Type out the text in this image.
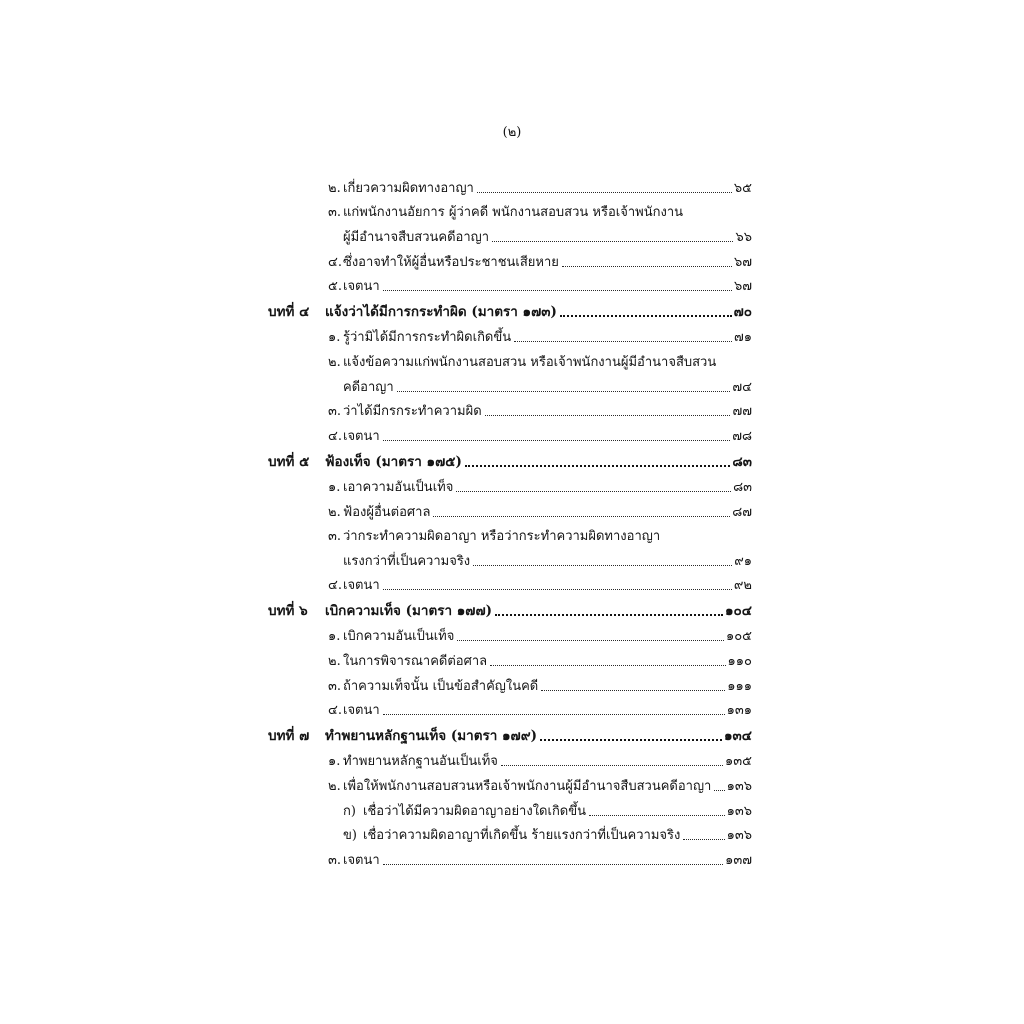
(๒)
๒. เกี่ยวความผิดทางอาญา	๖๕
๓. แก่พนักงานอัยการ ผู้ว่าคดี พนักงานสอบสวน หรือเจ้าพนักงาน
ผู้มีอำนาจสืบสวนคดีอาญา	๖๖
๔. ซึ่งอาจทำให้ผู้อื่นหรือประชาชนเสียหาย	๖๗
๕. เจตนา	๖๗
บทที่ ๔	แจ้งว่าได้มีการกระทำผิด (มาตรา ๑๗๓)	๗๐
๑. รู้ว่ามิได้มีการกระทำผิดเกิดขึ้น	๗๑
๒. แจ้งข้อความแก่พนักงานสอบสวน หรือเจ้าพนักงานผู้มีอำนาจสืบสวน
คดีอาญา	๗๔
๓. ว่าได้มีกรกระทำความผิด	๗๗
๔. เจตนา	๗๘
บทที่ ๕	ฟ้องเท็จ (มาตรา ๑๗๕)	๘๓
๑. เอาความอันเป็นเท็จ	๘๓
๒. ฟ้องผู้อื่นต่อศาล	๘๗
๓. ว่ากระทำความผิดอาญา หรือว่ากระทำความผิดทางอาญา
แรงกว่าที่เป็นความจริง	๙๑
๔. เจตนา	๙๒
บทที่ ๖	เบิกความเท็จ (มาตรา ๑๗๗)	๑๐๔
๑. เบิกความอันเป็นเท็จ	๑๐๕
๒. ในการพิจารณาคดีต่อศาล	๑๑๐
๓. ถ้าความเท็จนั้น เป็นข้อสำคัญในคดี	๑๑๑
๔. เจตนา	๑๓๑
บทที่ ๗	ทำพยานหลักฐานเท็จ (มาตรา ๑๗๙)	๑๓๔
๑. ทำพยานหลักฐานอันเป็นเท็จ	๑๓๕
๒. เพื่อให้พนักงานสอบสวนหรือเจ้าพนักงานผู้มีอำนาจสืบสวนคดีอาญา ๑๓๖
ก) เชื่อว่าได้มีความผิดอาญาอย่างใดเกิดขึ้น	๑๓๖
ข) เชื่อว่าความผิดอาญาที่เกิดขึ้น ร้ายแรงกว่าที่เป็นความจริง	๑๓๖
๓. เจตนา	๑๓๗
